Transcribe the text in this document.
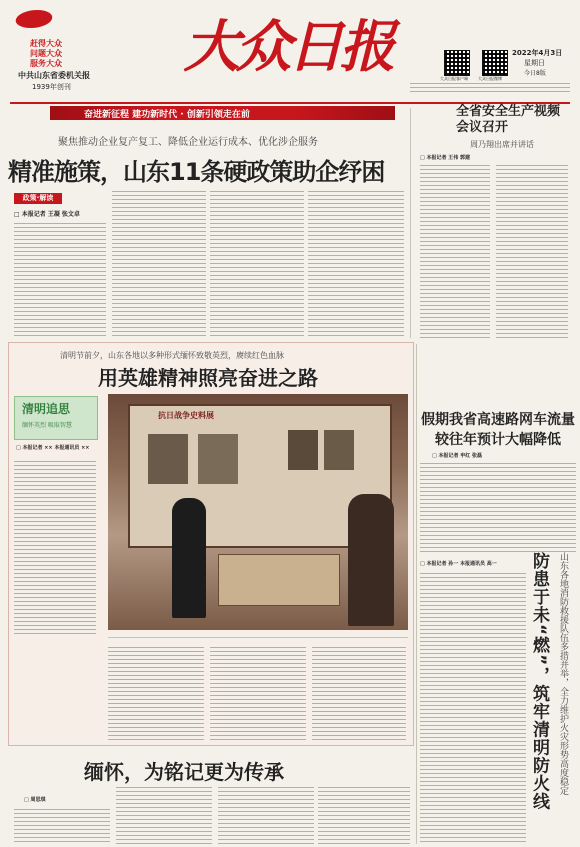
赶得大众
问题大众
服务大众
中共山东省委机关报
1939年创刊
大众日报	2022年4月3日
星期日
今日8版
大众日报客户端	大众日报微博
奋进新征程 建功新时代 · 创新引领走在前
聚焦推动企业复产复工、降低企业运行成本、优化涉企服务
精准施策，山东11条硬政策助企纾困
政策·解读
□ 本报记者 王凝 张文卓
全省安全生产视频会议召开
周乃翔出席并讲话
□ 本报记者 王伟 郭建
清明节前夕，山东各地以多种形式缅怀致敬英烈，赓续红色血脉
用英雄精神照亮奋进之路
清明追思
缅怀英烈 吸取智慧
□ 本报记者 ×× 本报通讯员 ××
抗日战争史料展
缅怀，为铭记更为传承
□ 周思琪
假期我省高速路网车流量较往年预计大幅降低
□ 本报记者 申红 张磊
□ 本报记者 孙一 本报通讯员 高一	防患于未“燃”，筑牢清明防火线 山东各地消防救援队伍多措并举，全力维护火灾形势高度稳定
